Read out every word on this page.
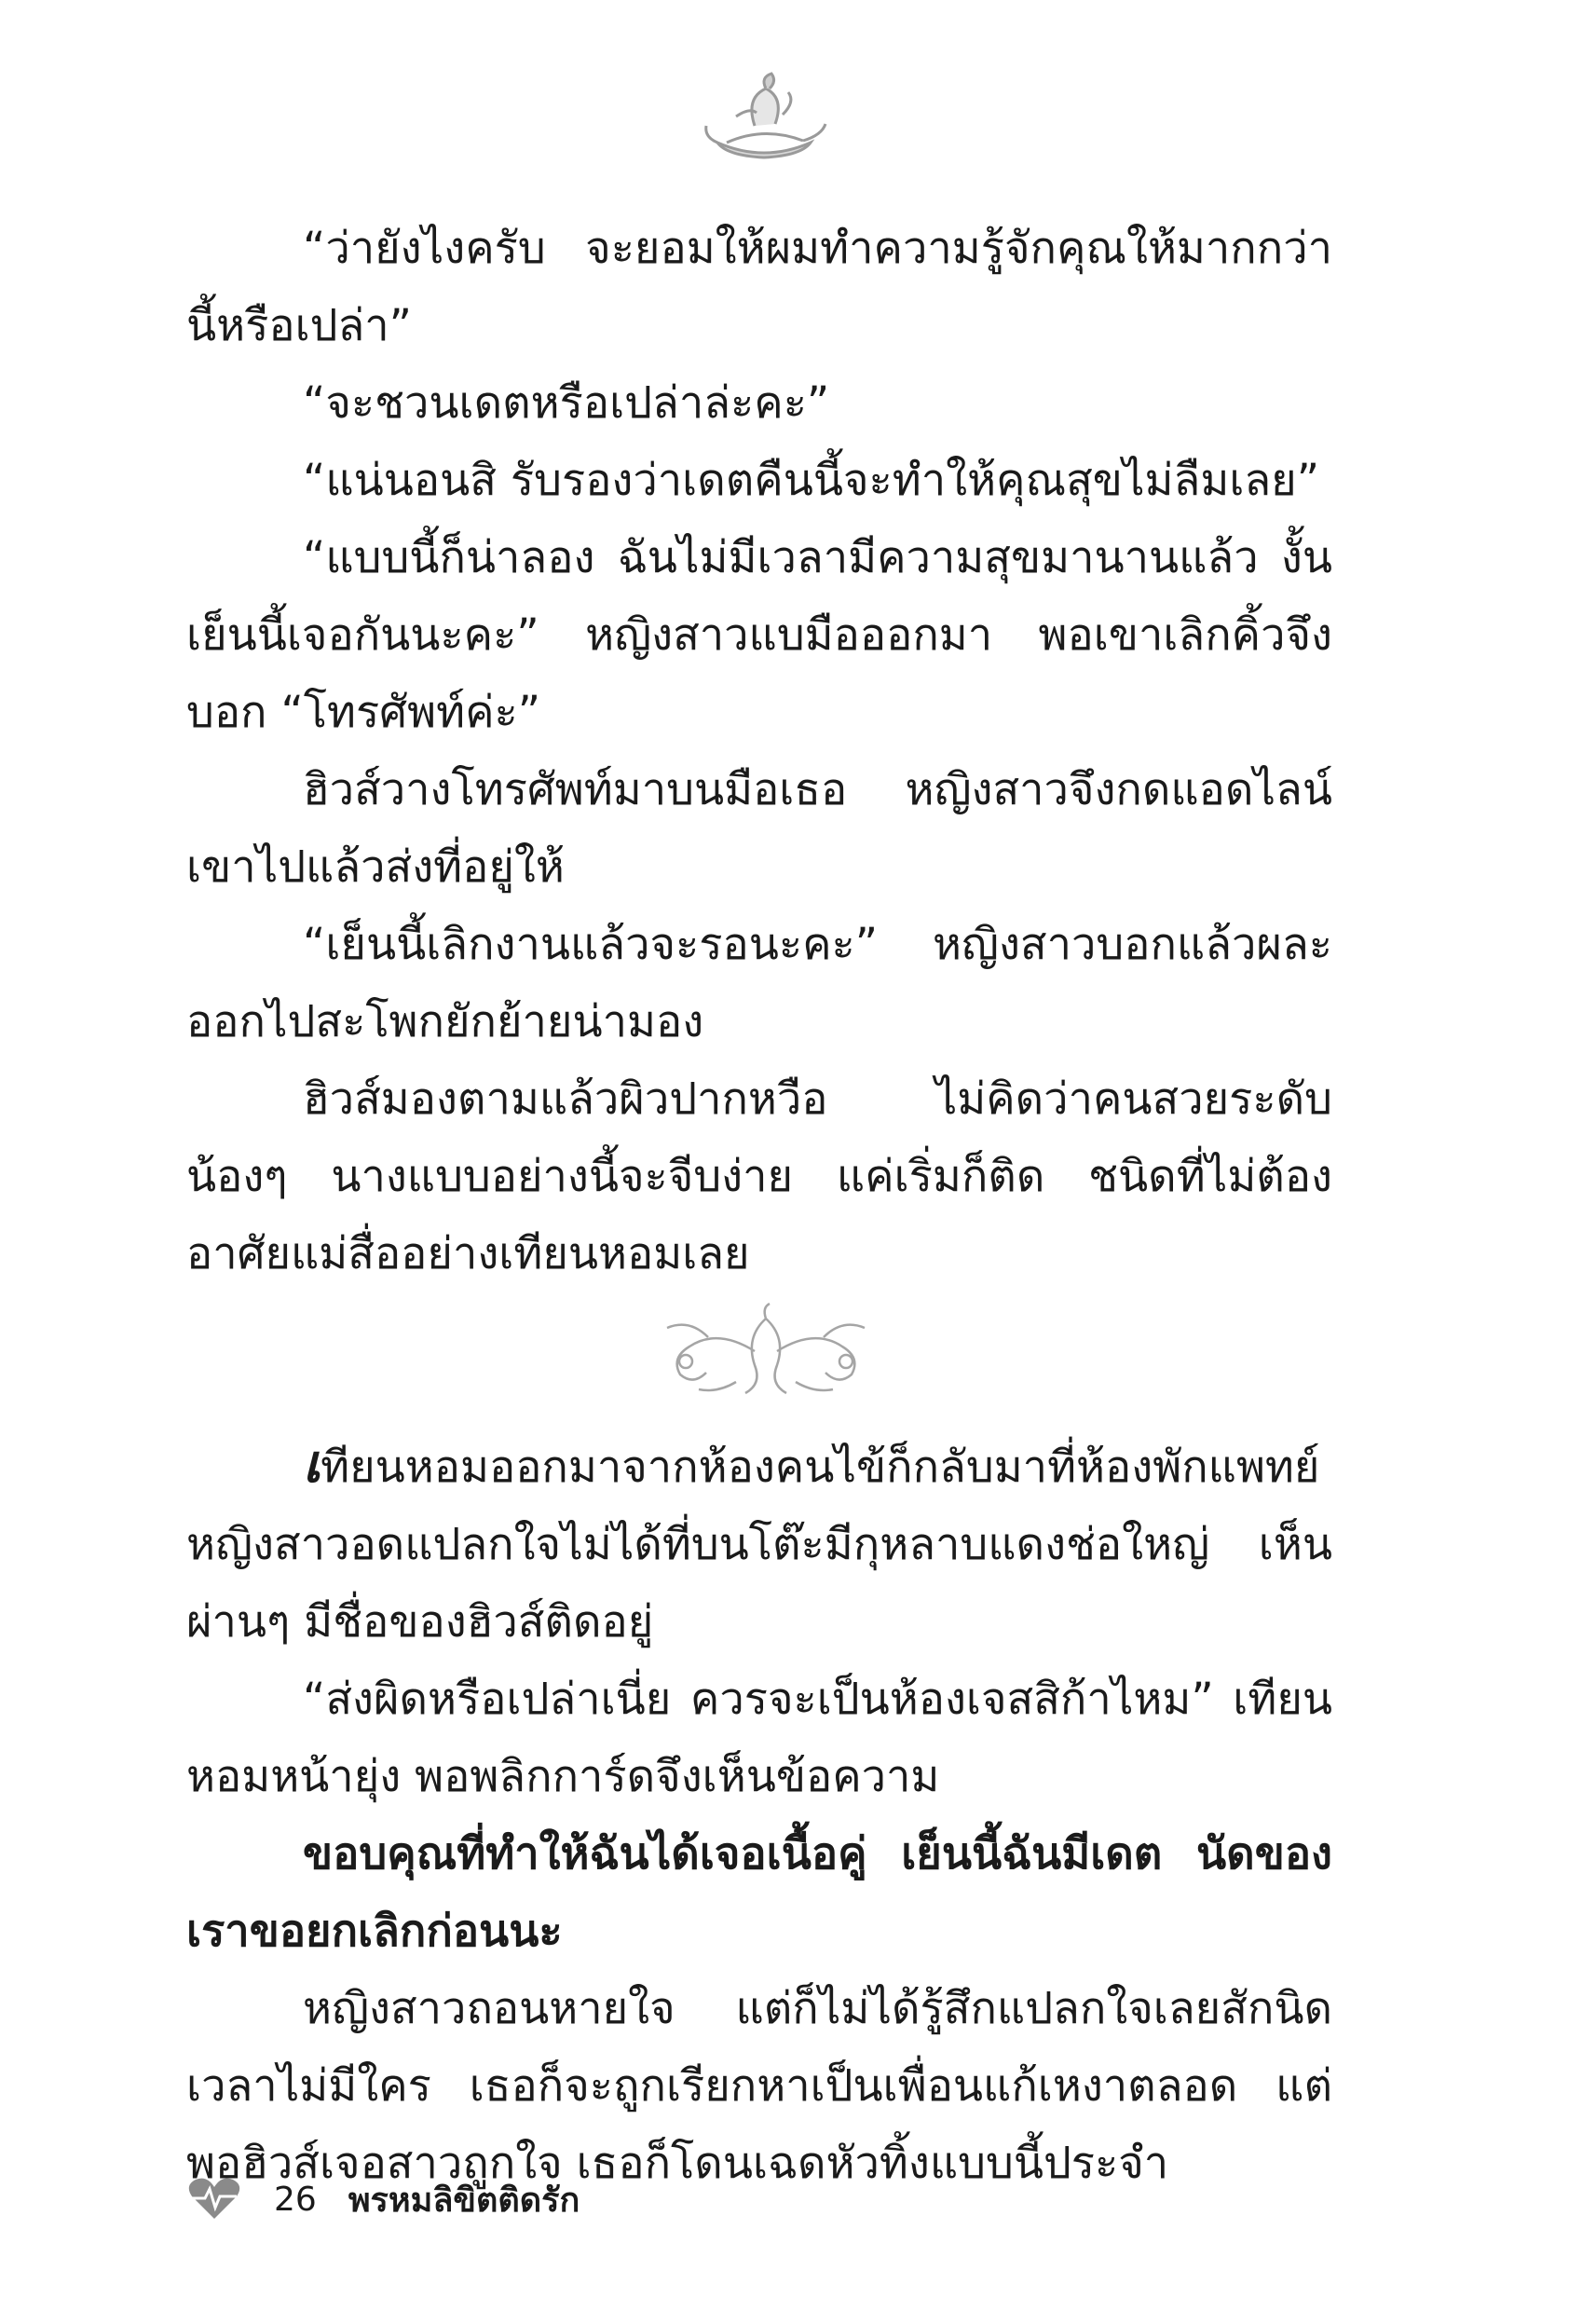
“ว่ายังไงครับ จะยอมให้ผมทำความรู้จักคุณให้มากกว่านี้หรือเปล่า”

“จะชวนเดตหรือเปล่าล่ะคะ”

“แน่นอนสิ รับรองว่าเดตคืนนี้จะทำให้คุณสุขไม่ลืมเลย”

“แบบนี้ก็น่าลอง ฉันไม่มีเวลามีความสุขมานานแล้ว งั้นเย็นนี้เจอกันนะคะ” หญิงสาวแบมือออกมา พอเขาเลิกคิ้วจึงบอก “โทรศัพท์ค่ะ”

ฮิวส์วางโทรศัพท์มาบนมือเธอ หญิงสาวจึงกดแอดไลน์เขาไปแล้วส่งที่อยู่ให้

“เย็นนี้เลิกงานแล้วจะรอนะคะ” หญิงสาวบอกแล้วผละออกไปสะโพกยักย้ายน่ามอง

ฮิวส์มองตามแล้วผิวปากหวือ ไม่คิดว่าคนสวยระดับน้องๆ นางแบบอย่างนี้จะจีบง่าย แค่เริ่มก็ติด ชนิดที่ไม่ต้องอาศัยแม่สื่ออย่างเทียนหอมเลย

เทียนหอมออกมาจากห้องคนไข้ก็กลับมาที่ห้องพักแพทย์ หญิงสาวอดแปลกใจไม่ได้ที่บนโต๊ะมีกุหลาบแดงช่อใหญ่ เห็นผ่านๆ มีชื่อของฮิวส์ติดอยู่

“ส่งผิดหรือเปล่าเนี่ย ควรจะเป็นห้องเจสสิก้าไหม” เทียนหอมหน้ายุ่ง พอพลิกการ์ดจึงเห็นข้อความ

ขอบคุณที่ทำให้ฉันได้เจอเนื้อคู่ เย็นนี้ฉันมีเดต นัดของเราขอยกเลิกก่อนนะ

หญิงสาวถอนหายใจ แต่ก็ไม่ได้รู้สึกแปลกใจเลยสักนิด เวลาไม่มีใคร เธอก็จะถูกเรียกหาเป็นเพื่อนแก้เหงาตลอด แต่พอฮิวส์เจอสาวถูกใจ เธอก็โดนเฉดหัวทิ้งแบบนี้ประจำ

26 พรหมลิขิตติดรัก
